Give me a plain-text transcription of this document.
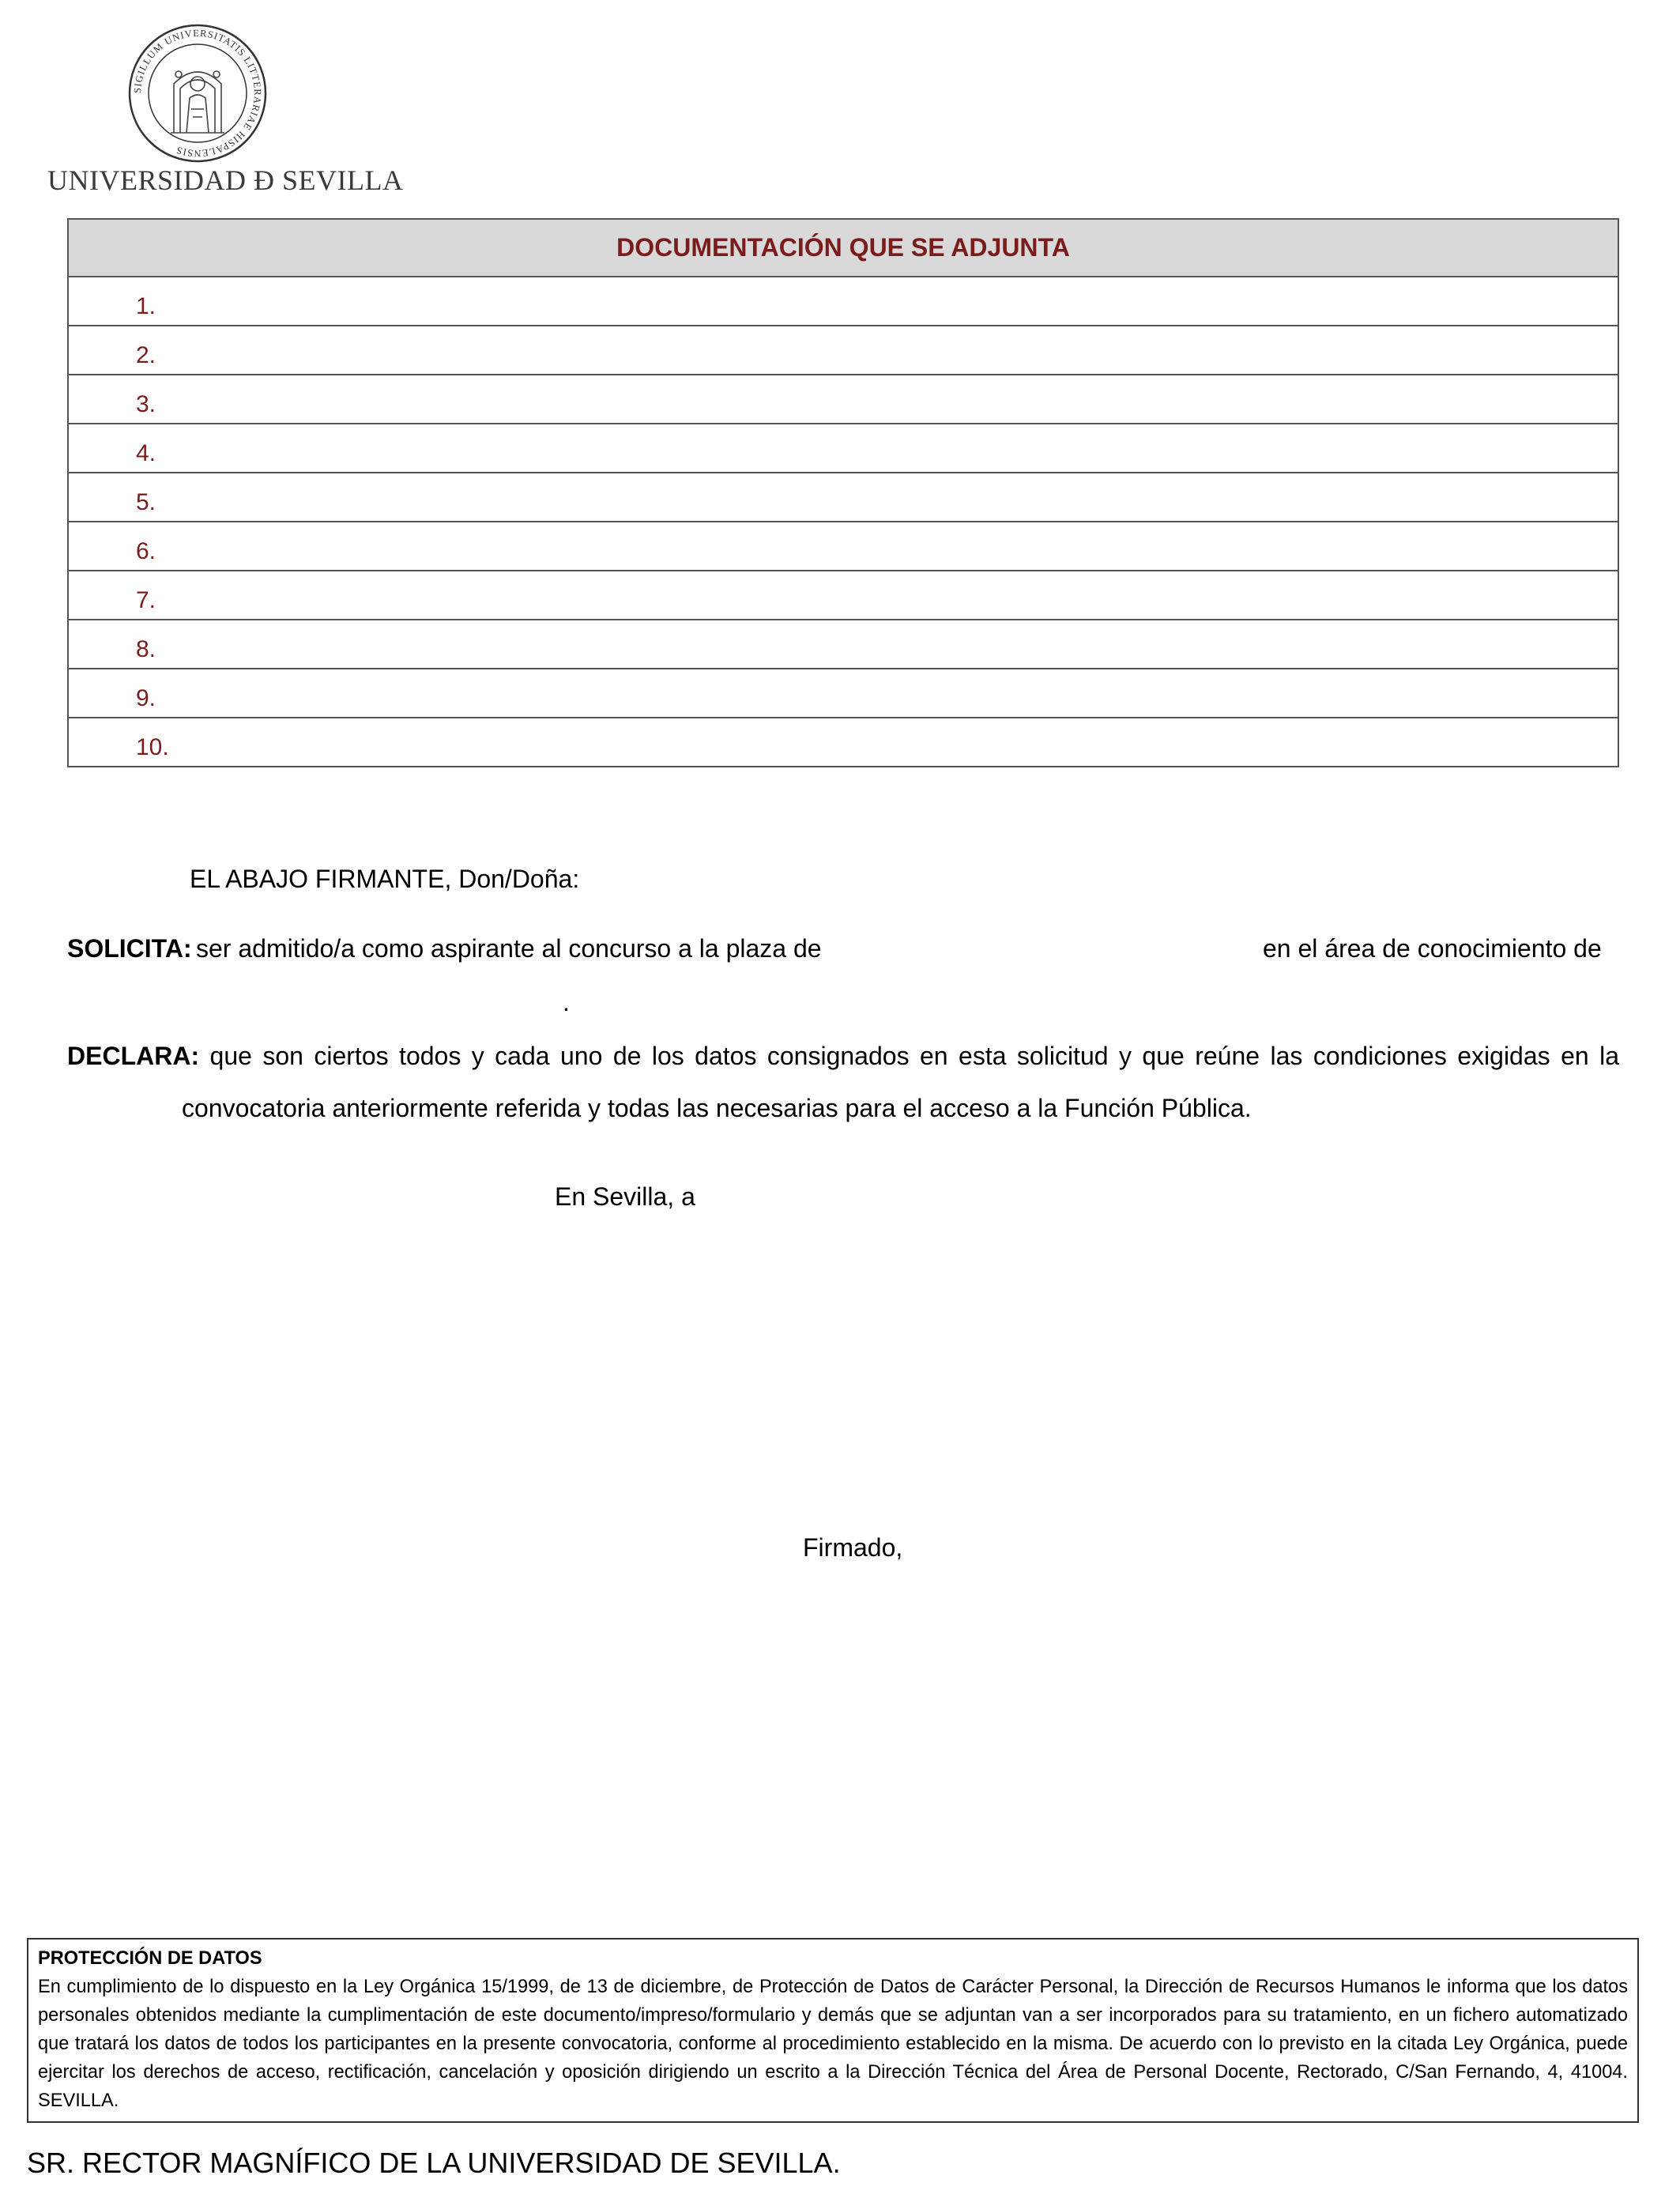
SIGILLUM UNIVERSITATIS LITTERARIAE HISPALENSIS
UNIVERSIDAD Đ SEVILLA
DOCUMENTACIÓN QUE SE ADJUNTA
1.
2.
3.
4.
5.
6.
7.
8.
9.
10.
EL ABAJO FIRMANTE, Don/Doña:
SOLICITA: ser admitido/a como aspirante al concurso a la plaza de	en el área de conocimiento de
.
DECLARA: que son ciertos todos y cada uno de los datos consignados en esta solicitud y que reúne las condiciones exigidas en la convocatoria anteriormente referida y todas las necesarias para el acceso a la Función Pública.
En Sevilla, a
Firmado,
PROTECCIÓN DE DATOS
En cumplimiento de lo dispuesto en la Ley Orgánica 15/1999, de 13 de diciembre, de Protección de Datos de Carácter Personal, la Dirección de Recursos Humanos le informa que los datos personales obtenidos mediante la cumplimentación de este documento/impreso/formulario y demás que se adjuntan van a ser incorporados para su tratamiento, en un fichero automatizado que tratará los datos de todos los participantes en la presente convocatoria, conforme al procedimiento establecido en la misma. De acuerdo con lo previsto en la citada Ley Orgánica, puede ejercitar los derechos de acceso, rectificación, cancelación y oposición dirigiendo un escrito a la Dirección Técnica del Área de Personal Docente, Rectorado, C/San Fernando, 4, 41004. SEVILLA.
SR. RECTOR MAGNÍFICO DE LA UNIVERSIDAD DE SEVILLA.
